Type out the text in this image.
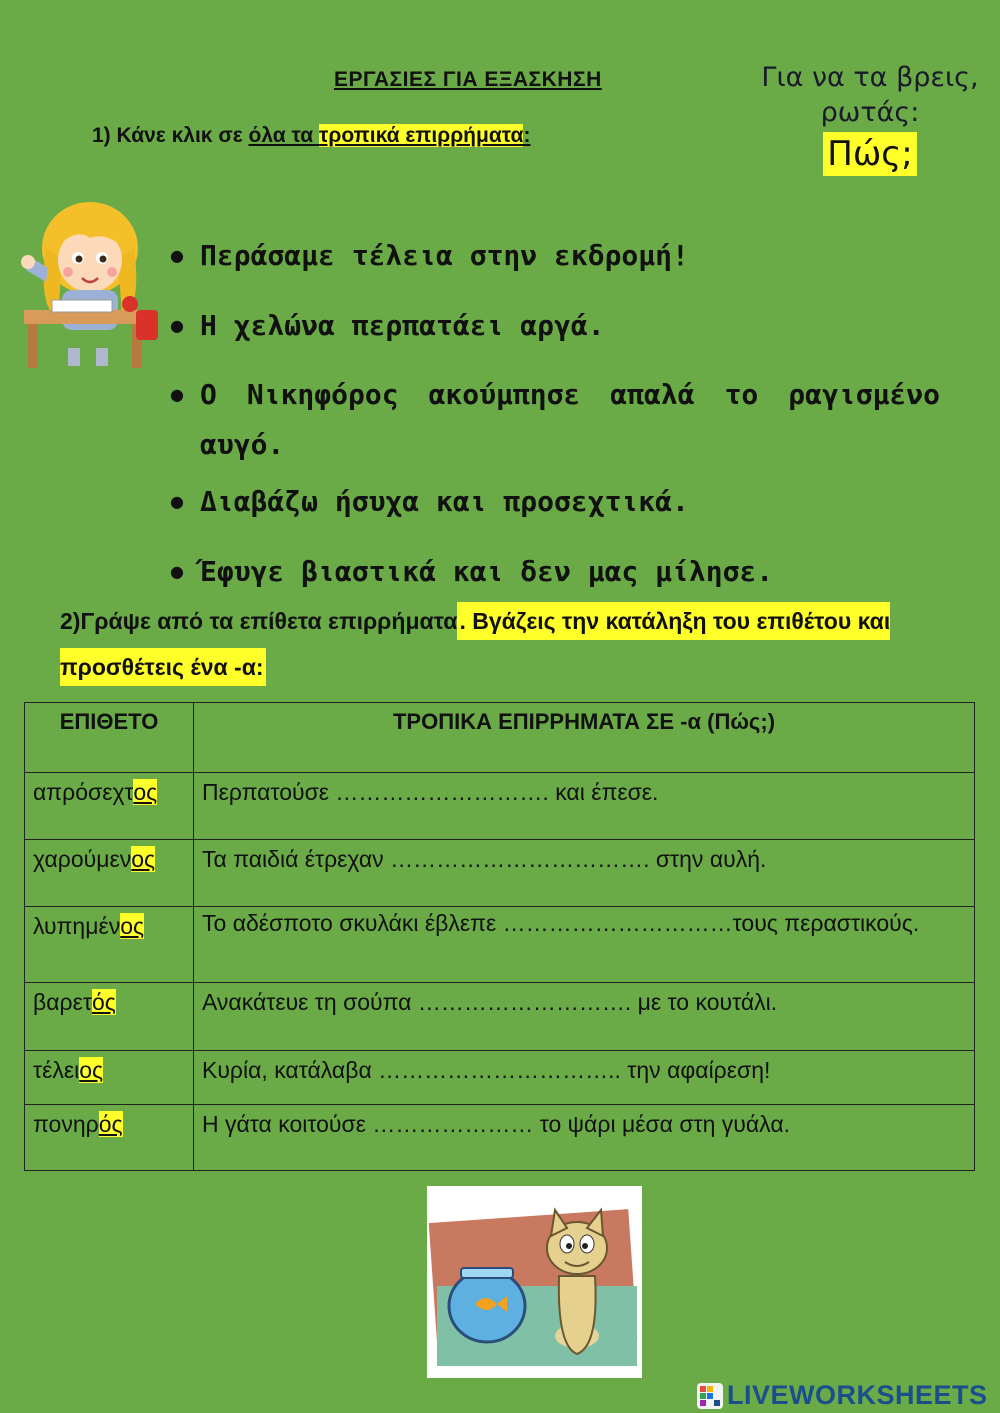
ΕΡΓΑΣΙΕΣ ΓΙΑ ΕΞΑΣΚΗΣΗ
1) Κάνε κλικ σε όλα τα τροπικά επιρρήματα:
Για να τα βρεις,
ρωτάς:
Πώς;
● Περάσαμε τέλεια στην εκδρομή!
● Η χελώνα περπατάει αργά.
● Ο Νικηφόρος ακούμπησε απαλά το ραγισμένο αυγό.
● Διαβάζω ήσυχα και προσεχτικά.
● Έφυγε βιαστικά και δεν μας μίλησε.
2)Γράψε από τα επίθετα επιρρήματα. Βγάζεις την κατάληξη του επιθέτου και προσθέτεις ένα -α:
ΕΠΙΘΕΤΟ	ΤΡΟΠΙΚΑ ΕΠΙΡΡΗΜΑΤΑ ΣΕ -α (Πώς;)
απρόσεχτος	Περπατούσε ………………………. και έπεσε.
χαρούμενος	Τα παιδιά έτρεχαν ……………………………. στην αυλή.
λυπημένος	Το αδέσποτο σκυλάκι έβλεπε …………………………τους περαστικούς.
βαρετός	Ανακάτευε τη σούπα ………………………. με το κουτάλι.
τέλειος	Κυρία, κατάλαβα ………………………….. την αφαίρεση!
πονηρός	Η γάτα κοιτούσε ………………… το ψάρι μέσα στη γυάλα.
LIVEWORKSHEETS
